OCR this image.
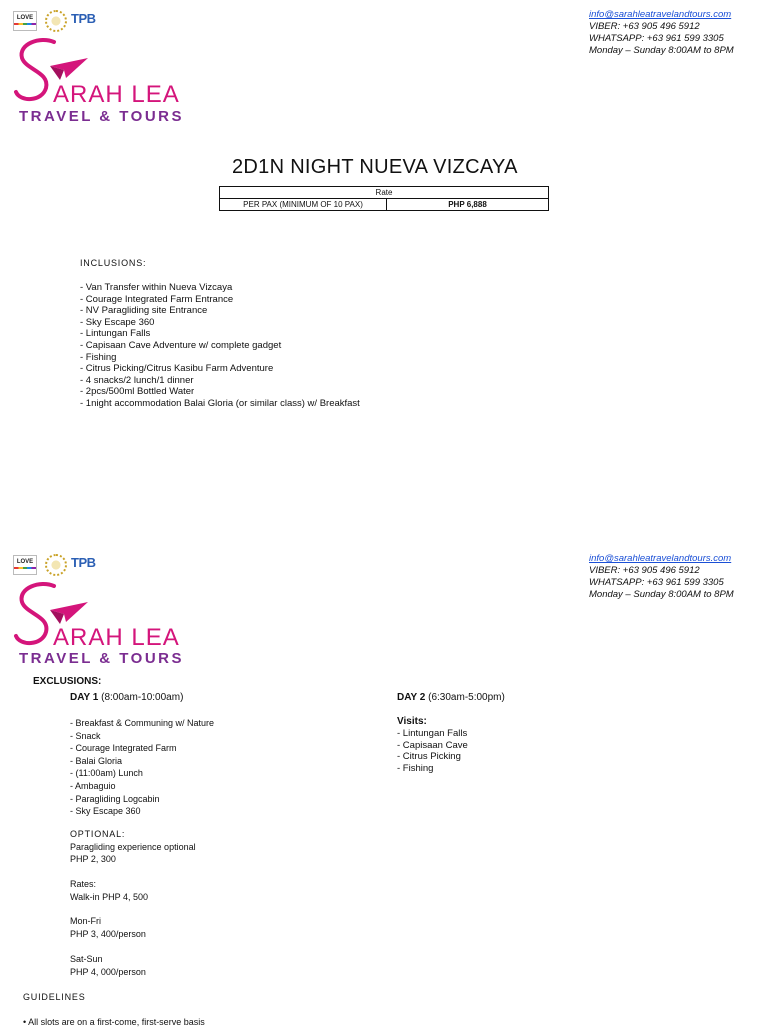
LOVE	TPB

ARAH LEA
TRAVEL & TOURS
info@sarahleatravelandtours.com
VIBER: +63 905 496 5912
WHATSAPP: +63 961 599 3305
Monday – Sunday 8:00AM to 8PM
2D1N NIGHT NUEVA VIZCAYA
Rate
PER PAX (MINIMUM OF 10 PAX)	PHP 6,888
INCLUSIONS:
- Van Transfer within Nueva Vizcaya
- Courage Integrated Farm Entrance
- NV Paragliding site Entrance
- Sky Escape 360
- Lintungan Falls
- Capisaan Cave Adventure w/ complete gadget
- Fishing
- Citrus Picking/Citrus Kasibu Farm Adventure
- 4 snacks/2 lunch/1 dinner
- 2pcs/500ml Bottled Water
- 1night accommodation Balai Gloria (or similar class) w/ Breakfast
LOVE	TPB

ARAH LEA
TRAVEL & TOURS
info@sarahleatravelandtours.com
VIBER: +63 905 496 5912
WHATSAPP: +63 961 599 3305
Monday – Sunday 8:00AM to 8PM
EXCLUSIONS:
DAY 1 (8:00am-10:00am)
- Breakfast & Communing w/ Nature
- Snack
- Courage Integrated Farm
- Balai Gloria
- (11:00am) Lunch
- Ambaguio
- Paragliding Logcabin
- Sky Escape 360
OPTIONAL:
Paragliding experience optional
PHP 2, 300
Rates:
Walk-in PHP 4, 500
Mon-Fri
PHP 3, 400/person
Sat-Sun
PHP 4, 000/person
DAY 2 (6:30am-5:00pm)
Visits:
- Lintungan Falls
- Capisaan Cave
- Citrus Picking
- Fishing
GUIDELINES
• All slots are on a first-come, first-serve basis
